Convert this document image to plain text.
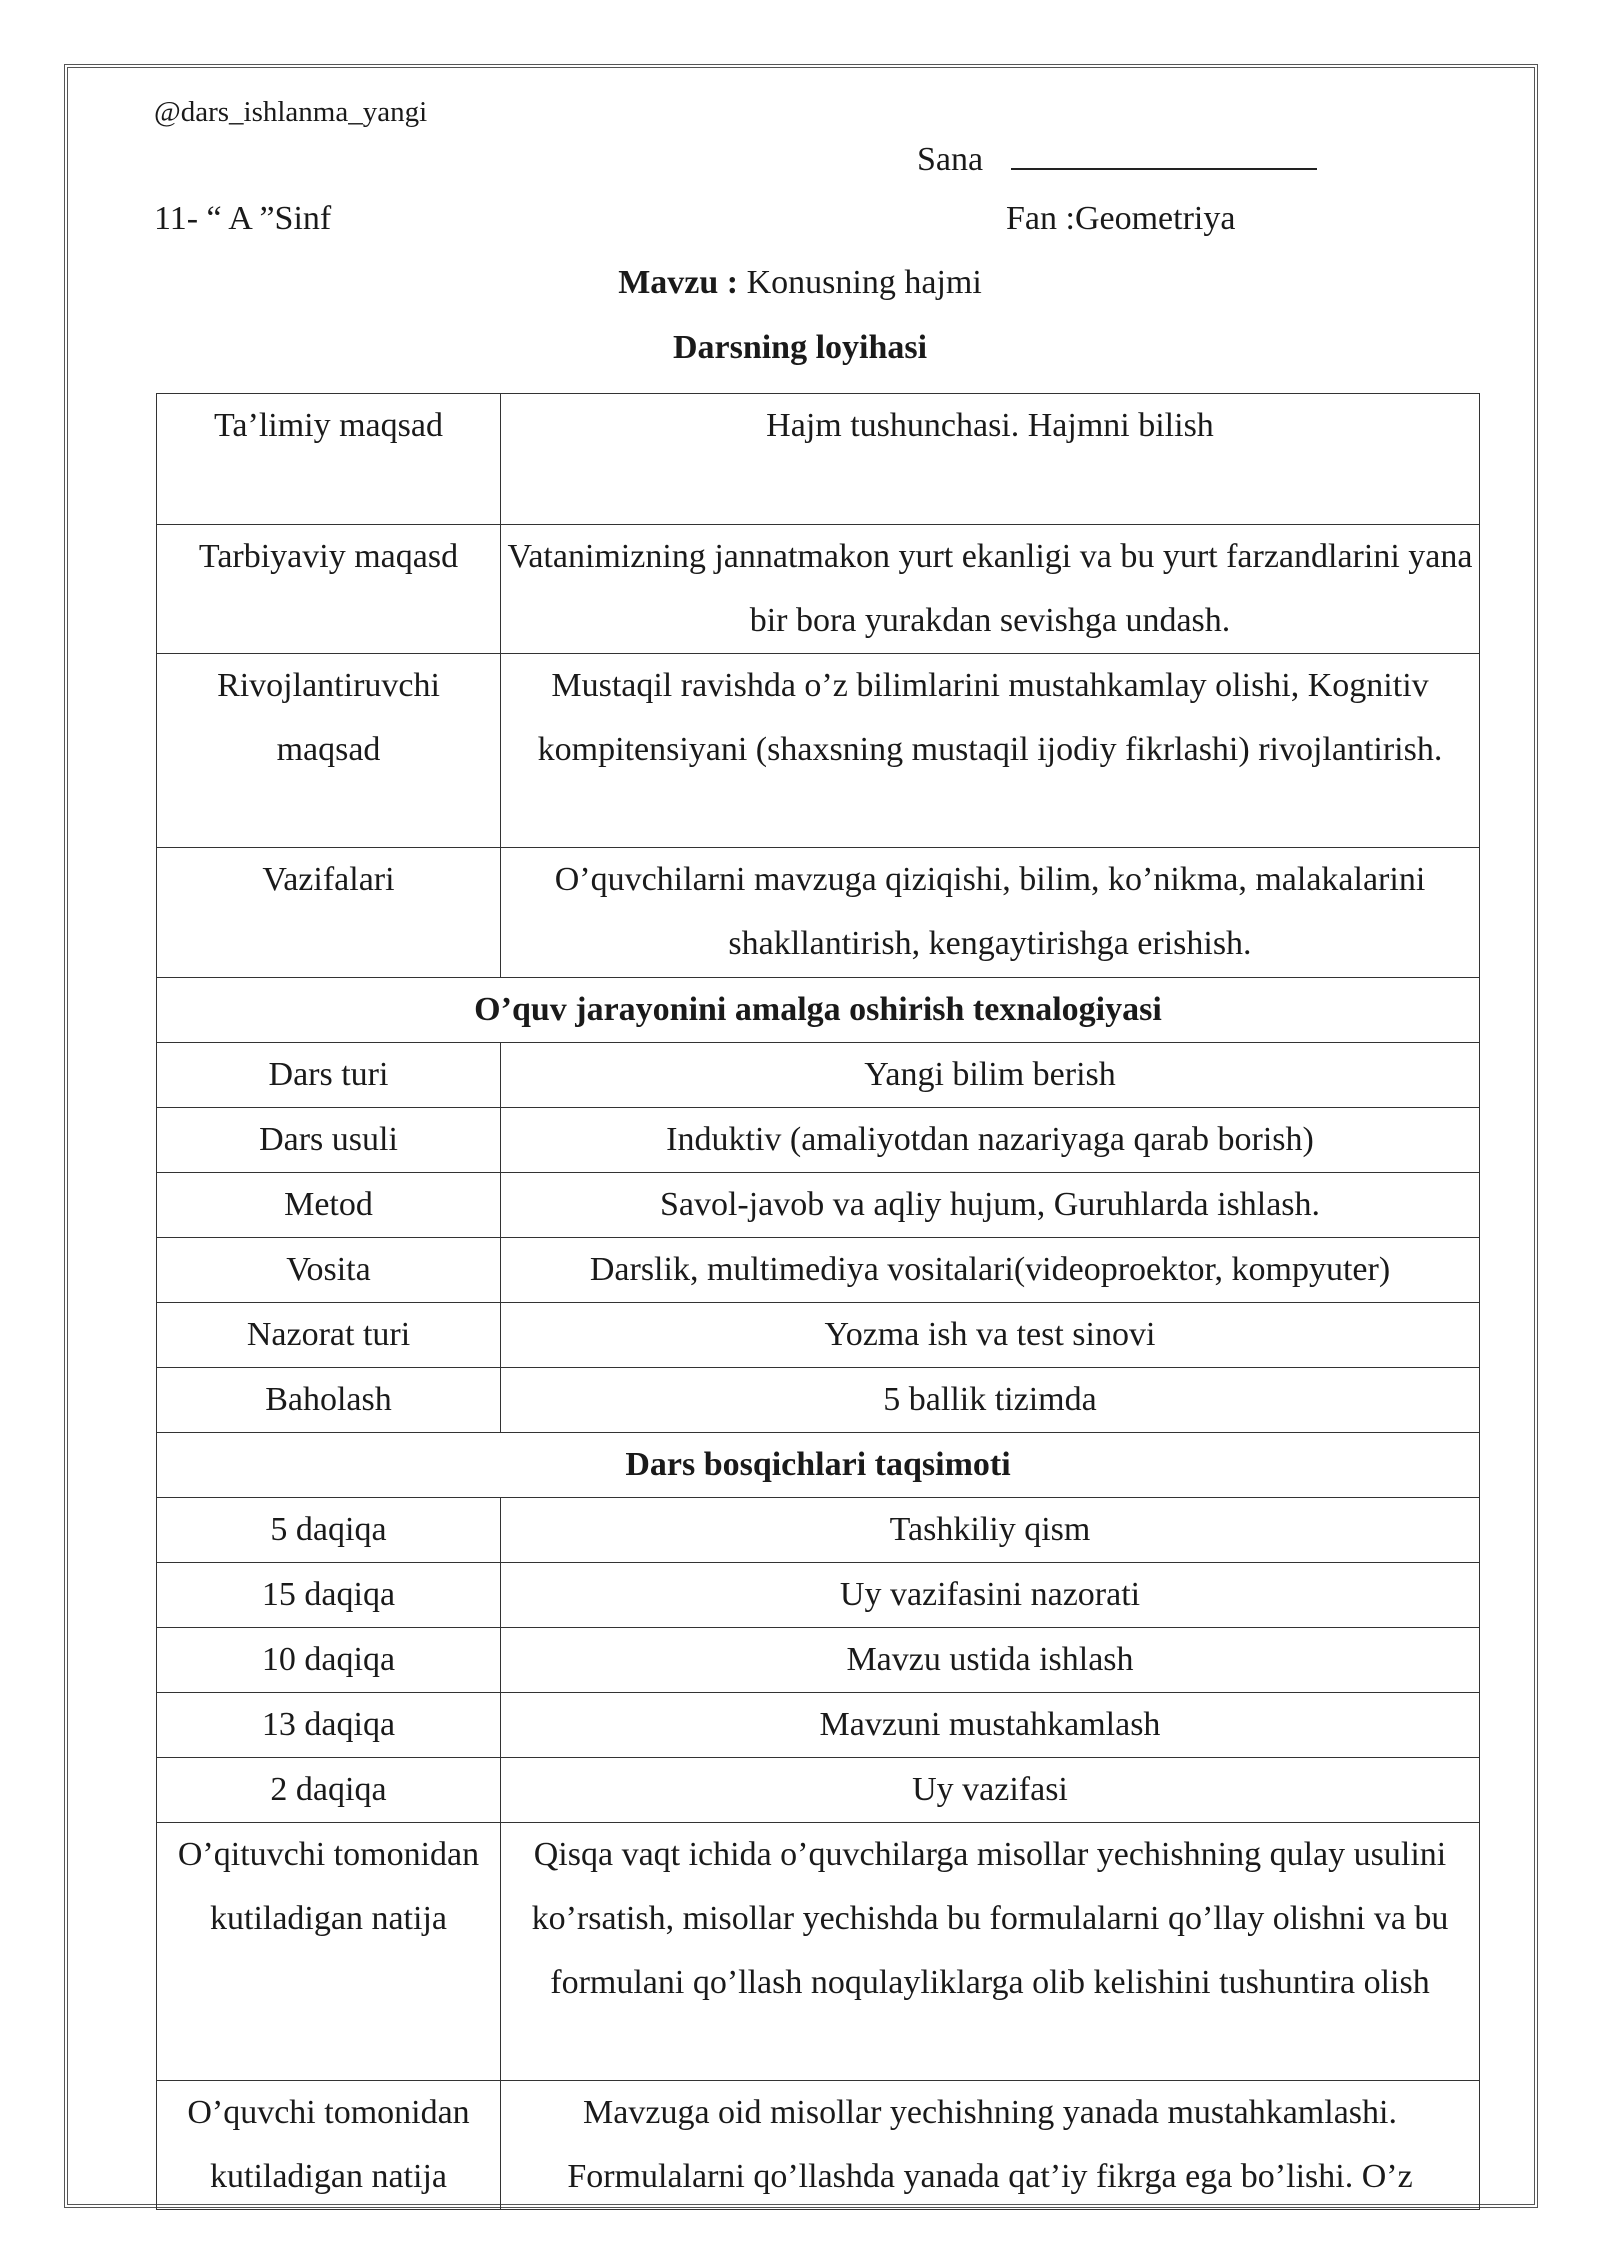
@dars_ishlanma_yangi
Sana
11- “ A ”Sinf	Fan :Geometriya
Mavzu : Konusning hajmi
Darsning loyihasi
Ta’limiy maqsad	Hajm tushunchasi. Hajmni bilish
Tarbiyaviy maqasd	Vatanimizning jannatmakon yurt ekanligi va bu yurt farzandlarini yana bir bora yurakdan sevishga undash.
Rivojlantiruvchi maqsad	Mustaqil ravishda o’z bilimlarini mustahkamlay olishi, Kognitiv kompitensiyani (shaxsning mustaqil ijodiy fikrlashi) rivojlantirish.
Vazifalari	O’quvchilarni mavzuga qiziqishi, bilim, ko’nikma, malakalarini shakllantirish, kengaytirishga erishish.
O’quv jarayonini amalga oshirish texnalogiyasi	
Dars turi	Yangi bilim berish
Dars usuli	Induktiv (amaliyotdan nazariyaga qarab borish)
Metod	Savol-javob va aqliy hujum, Guruhlarda ishlash.
Vosita	Darslik, multimediya vositalari(videoproektor, kompyuter)
Nazorat turi	Yozma ish va test sinovi
Baholash	5 ballik tizimda
Dars bosqichlari taqsimoti	
5 daqiqa	Tashkiliy qism
15 daqiqa	Uy vazifasini nazorati
10 daqiqa	Mavzu ustida ishlash
13 daqiqa	Mavzuni mustahkamlash
2 daqiqa	Uy vazifasi
O’qituvchi tomonidan kutiladigan natija	Qisqa vaqt ichida o’quvchilarga misollar yechishning qulay usulini ko’rsatish, misollar yechishda bu formulalarni qo’llay olishni va bu formulani qo’llash noqulayliklarga olib kelishini tushuntira olish
O’quvchi tomonidan kutiladigan natija	Mavzuga oid misollar yechishning yanada mustahkamlashi. Formulalarni qo’llashda yanada qat’iy fikrga ega bo’lishi. O’z
